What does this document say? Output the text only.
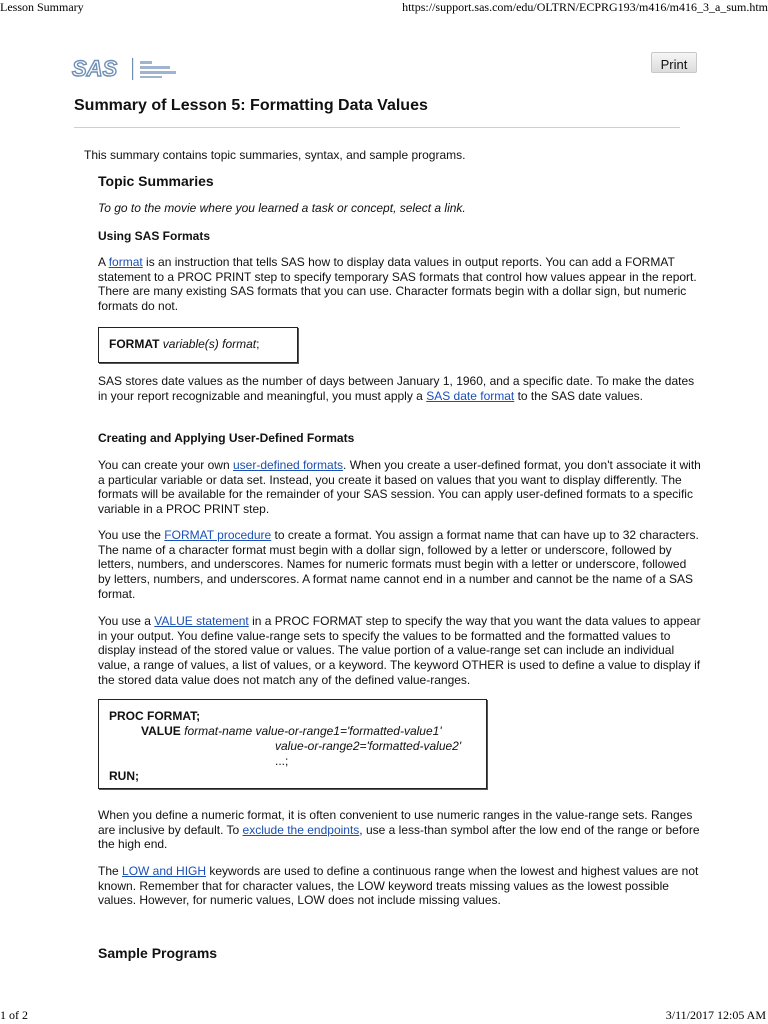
Lesson Summary	https://support.sas.com/edu/OLTRN/ECPRG193/m416/m416_3_a_sum.htm
SAS	Print
Summary of Lesson 5: Formatting Data Values

This summary contains topic summaries, syntax, and sample programs.

Topic Summaries

To go to the movie where you learned a task or concept, select a link.

Using SAS Formats

A format is an instruction that tells SAS how to display data values in output reports. You can add a FORMAT statement to a PROC PRINT step to specify temporary SAS formats that control how values appear in the report. There are many existing SAS formats that you can use. Character formats begin with a dollar sign, but numeric formats do not.

FORMAT variable(s) format;

SAS stores date values as the number of days between January 1, 1960, and a specific date. To make the dates in your report recognizable and meaningful, you must apply a SAS date format to the SAS date values.

Creating and Applying User-Defined Formats

You can create your own user-defined formats. When you create a user-defined format, you don't associate it with a particular variable or data set. Instead, you create it based on values that you want to display differently. The formats will be available for the remainder of your SAS session. You can apply user-defined formats to a specific variable in a PROC PRINT step.

You use the FORMAT procedure to create a format. You assign a format name that can have up to 32 characters. The name of a character format must begin with a dollar sign, followed by a letter or underscore, followed by letters, numbers, and underscores. Names for numeric formats must begin with a letter or underscore, followed by letters, numbers, and underscores. A format name cannot end in a number and cannot be the name of a SAS format.

You use a VALUE statement in a PROC FORMAT step to specify the way that you want the data values to appear in your output. You define value-range sets to specify the values to be formatted and the formatted values to display instead of the stored value or values. The value portion of a value-range set can include an individual value, a range of values, a list of values, or a keyword. The keyword OTHER is used to define a value to display if the stored data value does not match any of the defined value-ranges.

PROC FORMAT;
VALUE format-name value-or-range1='formatted-value1'
value-or-range2='formatted-value2'
...;
RUN;

When you define a numeric format, it is often convenient to use numeric ranges in the value-range sets. Ranges are inclusive by default. To exclude the endpoints, use a less-than symbol after the low end of the range or before the high end.

The LOW and HIGH keywords are used to define a continuous range when the lowest and highest values are not known. Remember that for character values, the LOW keyword treats missing values as the lowest possible values. However, for numeric values, LOW does not include missing values.

Sample Programs
1 of 2	3/11/2017 12:05 AM
